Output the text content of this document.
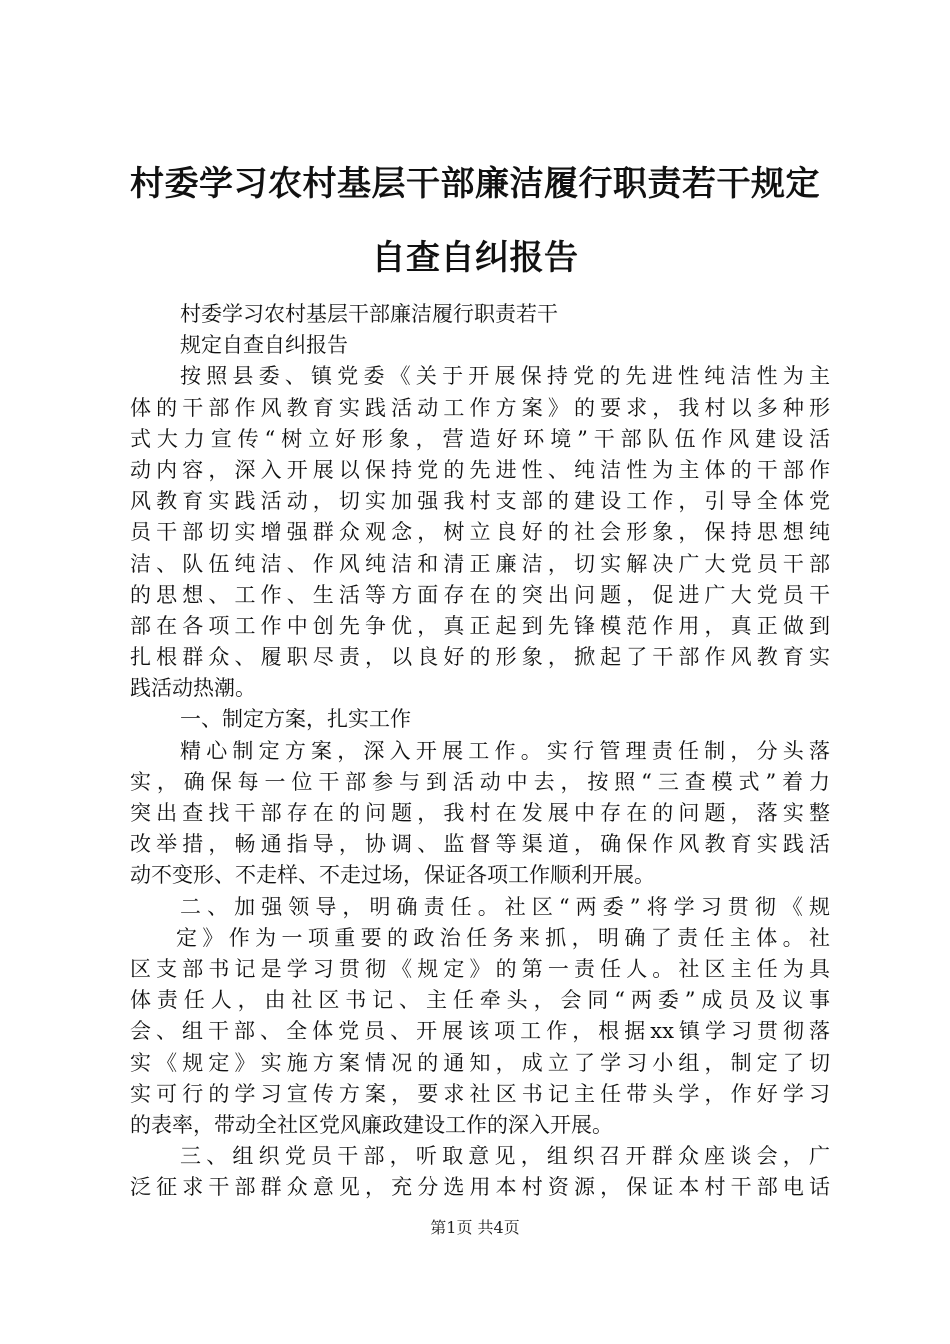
村委学习农村基层干部廉洁履行职责若干规定
自查自纠报告
村委学习农村基层干部廉洁履行职责若干
规定自查自纠报告
按照县委、镇党委《关于开展保持党的先进性纯洁性为主
体的干部作风教育实践活动工作方案》的要求，我村以多种形
式大力宣传“树立好形象，营造好环境”干部队伍作风建设活
动内容，深入开展以保持党的先进性、纯洁性为主体的干部作
风教育实践活动，切实加强我村支部的建设工作，引导全体党
员干部切实增强群众观念，树立良好的社会形象，保持思想纯
洁、队伍纯洁、作风纯洁和清正廉洁，切实解决广大党员干部
的思想、工作、生活等方面存在的突出问题，促进广大党员干
部在各项工作中创先争优，真正起到先锋模范作用，真正做到
扎根群众、履职尽责，以良好的形象，掀起了干部作风教育实
践活动热潮。
一、制定方案，扎实工作
精心制定方案，深入开展工作。实行管理责任制，分头落
实，确保每一位干部参与到活动中去，按照“三查模式”着力
突出查找干部存在的问题，我村在发展中存在的问题，落实整
改举措，畅通指导，协调、监督等渠道，确保作风教育实践活
动不变形、不走样、不走过场，保证各项工作顺利开展。
二、加强领导，明确责任。社区“两委”将学习贯彻《规
定》作为一项重要的政治任务来抓，明确了责任主体。社
区支部书记是学习贯彻《规定》的第一责任人。社区主任为具
体责任人，由社区书记、主任牵头，会同“两委”成员及议事
会、组干部、全体党员、开展该项工作，根据xx镇学习贯彻落
实《规定》实施方案情况的通知，成立了学习小组，制定了切
实可行的学习宣传方案，要求社区书记主任带头学，作好学习
的表率，带动全社区党风廉政建设工作的深入开展。
三、组织党员干部，听取意见，组织召开群众座谈会，广
泛征求干部群众意见，充分选用本村资源，保证本村干部电话
第1页 共4页
